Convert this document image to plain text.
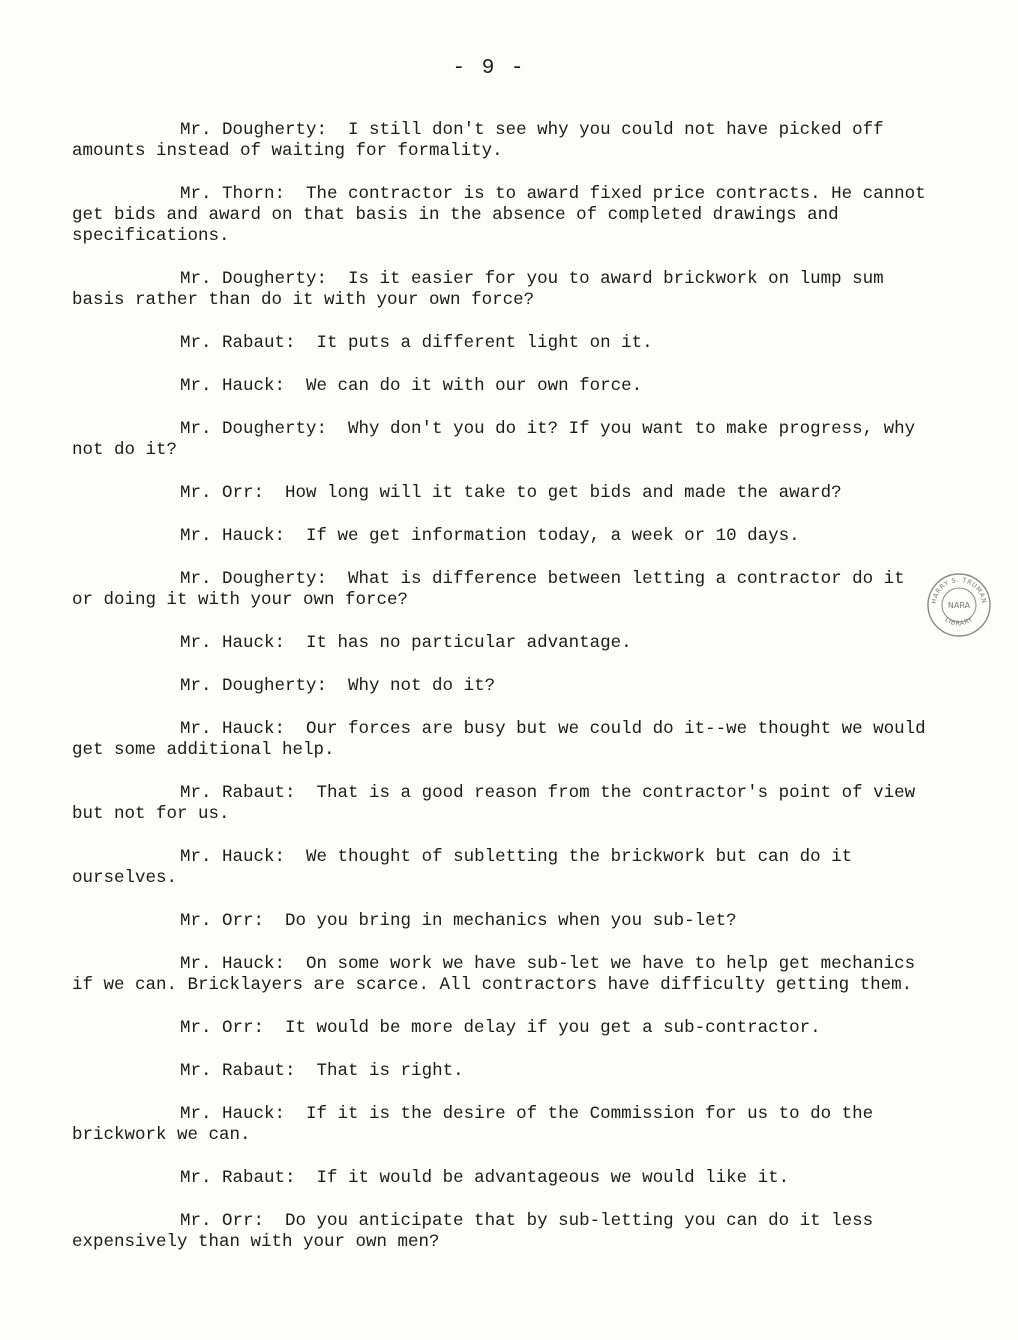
- 9 -

Mr. Dougherty: I still don't see why you could not have picked off amounts instead of waiting for formality.

Mr. Thorn: The contractor is to award fixed price contracts. He cannot get bids and award on that basis in the absence of completed drawings and specifications.

Mr. Dougherty: Is it easier for you to award brickwork on lump sum basis rather than do it with your own force?

Mr. Rabaut: It puts a different light on it.

Mr. Hauck: We can do it with our own force.

Mr. Dougherty: Why don't you do it? If you want to make progress, why not do it?

Mr. Orr: How long will it take to get bids and made the award?

Mr. Hauck: If we get information today, a week or 10 days.

Mr. Dougherty: What is difference between letting a contractor do it or doing it with your own force?

Mr. Hauck: It has no particular advantage.

Mr. Dougherty: Why not do it?

Mr. Hauck: Our forces are busy but we could do it--we thought we would get some additional help.

Mr. Rabaut: That is a good reason from the contractor's point of view but not for us.

Mr. Hauck: We thought of subletting the brickwork but can do it ourselves.

Mr. Orr: Do you bring in mechanics when you sub-let?

Mr. Hauck: On some work we have sub-let we have to help get mechanics if we can. Bricklayers are scarce. All contractors have difficulty getting them.

Mr. Orr: It would be more delay if you get a sub-contractor.

Mr. Rabaut: That is right.

Mr. Hauck: If it is the desire of the Commission for us to do the brickwork we can.

Mr. Rabaut: If it would be advantageous we would like it.

Mr. Orr: Do you anticipate that by sub-letting you can do it less expensively than with your own men?

HARRY S. TRUMAN
LIBRARY
NARA
